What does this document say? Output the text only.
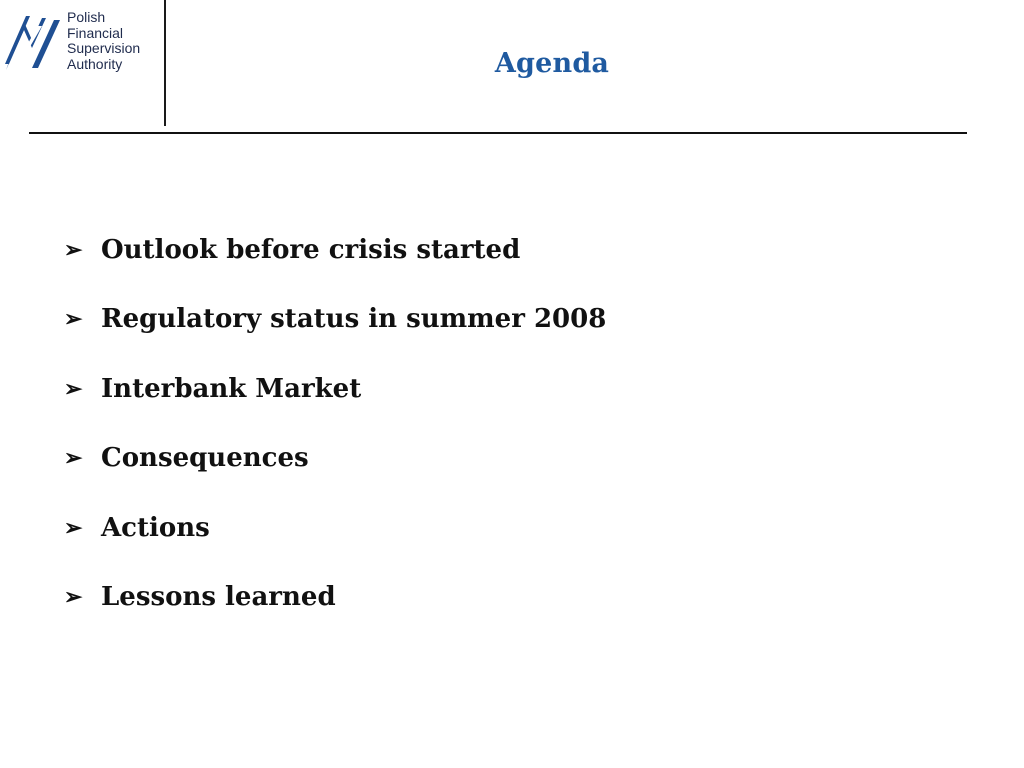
Polish
Financial
Supervision
Authority	Agenda
➢ Outlook before crisis started
➢ Regulatory status in summer 2008
➢ Interbank Market
➢ Consequences
➢ Actions
➢ Lessons learned
